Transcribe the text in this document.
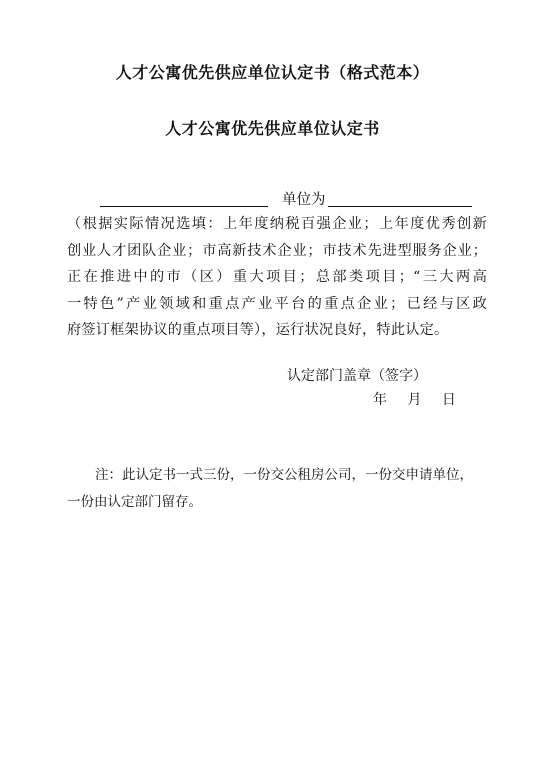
人才公寓优先供应单位认定书（格式范本）
人才公寓优先供应单位认定书
单位为
（根据实际情况选填：上年度纳税百强企业；上年度优秀创新
创业人才团队企业；市高新技术企业；市技术先进型服务企业；
正在推进中的市（区）重大项目；总部类项目；“三大两高
一特色”产业领域和重点产业平台的重点企业；已经与区政
府签订框架协议的重点项目等），运行状况良好，特此认定。
认定部门盖章（签字）
年 月 日
注：此认定书一式三份，一份交公租房公司，一份交申请单位，
一份由认定部门留存。
